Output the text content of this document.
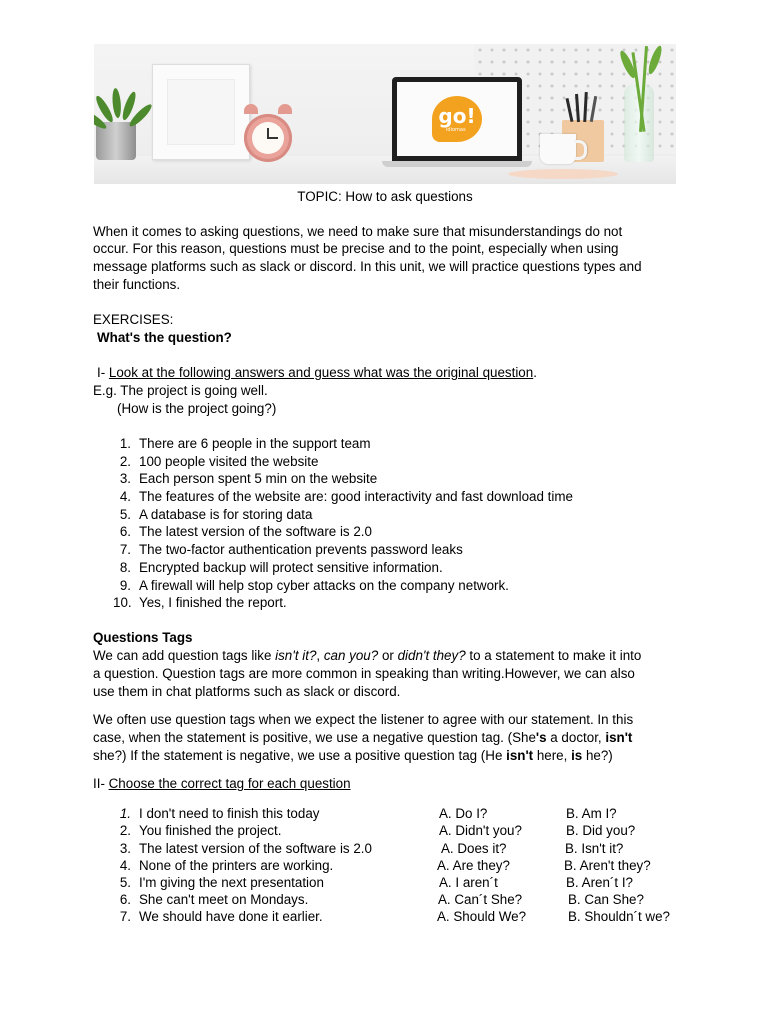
go!
idiomas
TOPIC: How to ask questions
When it comes to asking questions, we need to make sure that misunderstandings do not
occur. For this reason, questions must be precise and to the point, especially when using
message platforms such as slack or discord. In this unit, we will practice questions types and
their functions.
EXERCISES:
What's the question?
I- Look at the following answers and guess what was the original question.
E.g. The project is going well.
(How is the project going?)
1. There are 6 people in the support team
2. 100 people visited the website
3. Each person spent 5 min on the website
4. The features of the website are: good interactivity and fast download time
5. A database is for storing data
6. The latest version of the software is 2.0
7. The two-factor authentication prevents password leaks
8. Encrypted backup will protect sensitive information.
9. A firewall will help stop cyber attacks on the company network.
10. Yes, I finished the report.
Questions Tags
We can add question tags like isn't it?, can you? or didn't they? to a statement to make it into
a question. Question tags are more common in speaking than writing.However, we can also
use them in chat platforms such as slack or discord.
We often use question tags when we expect the listener to agree with our statement. In this
case, when the statement is positive, we use a negative question tag. (She's a doctor, isn't
she?) If the statement is negative, we use a positive question tag (He isn't here, is he?)
II- Choose the correct tag for each question
1. I don't need to finish this today	A. Do I?	B. Am I?
2. You finished the project.	A. Didn't you?	B. Did you?
3. The latest version of the software is 2.0	A. Does it?	B. Isn't it?
4. None of the printers are working.	A. Are they?	B. Aren't they?
5. I'm giving the next presentation	A. I aren´t	B. Aren´t I?
6. She can't meet on Mondays.	A. Can´t She?	B. Can She?
7. We should have done it earlier.	A. Should We?	B. Shouldn´t we?
